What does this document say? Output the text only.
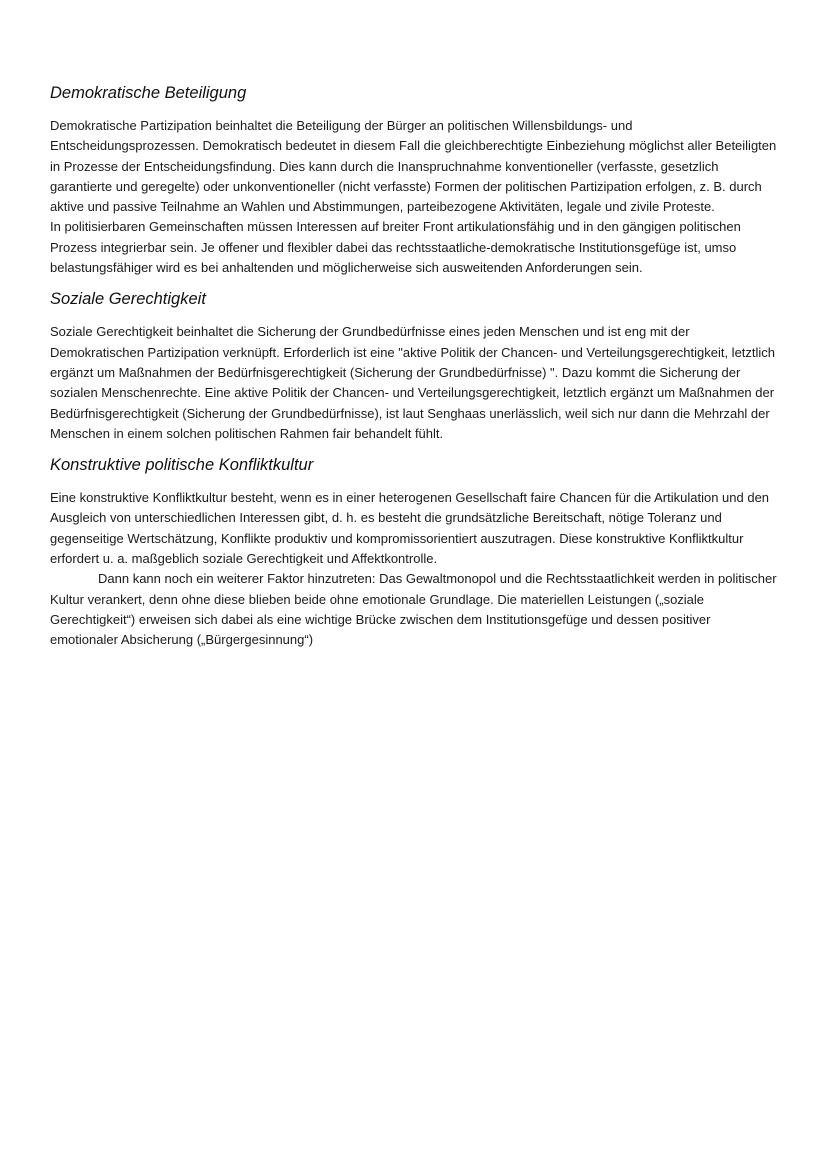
Demokratische Beteiligung

Demokratische Partizipation beinhaltet die Beteiligung der Bürger an politischen Willensbildungs- und Entscheidungsprozessen. Demokratisch bedeutet in diesem Fall die gleichberechtigte Einbeziehung möglichst aller Beteiligten in Prozesse der Entscheidungsfindung. Dies kann durch die Inanspruchnahme konventioneller (verfasste, gesetzlich garantierte und geregelte) oder unkonventioneller (nicht verfasste) Formen der politischen Partizipation erfolgen, z. B. durch aktive und passive Teilnahme an Wahlen und Abstimmungen, parteibezogene Aktivitäten, legale und zivile Proteste.

In politisierbaren Gemeinschaften müssen Interessen auf breiter Front artikulationsfähig und in den gängigen politischen Prozess integrierbar sein. Je offener und flexibler dabei das rechtsstaatliche-demokratische Institutionsgefüge ist, umso belastungsfähiger wird es bei anhaltenden und möglicherweise sich ausweitenden Anforderungen sein.

Soziale Gerechtigkeit

Soziale Gerechtigkeit beinhaltet die Sicherung der Grundbedürfnisse eines jeden Menschen und ist eng mit der Demokratischen Partizipation verknüpft. Erforderlich ist eine "aktive Politik der Chancen- und Verteilungsgerechtigkeit, letztlich ergänzt um Maßnahmen der Bedürfnisgerechtigkeit (Sicherung der Grundbedürfnisse) ". Dazu kommt die Sicherung der sozialen Menschenrechte. Eine aktive Politik der Chancen- und Verteilungsgerechtigkeit, letztlich ergänzt um Maßnahmen der Bedürfnisgerechtigkeit (Sicherung der Grundbedürfnisse), ist laut Senghaas unerlässlich, weil sich nur dann die Mehrzahl der Menschen in einem solchen politischen Rahmen fair behandelt fühlt.

Konstruktive politische Konfliktkultur

Eine konstruktive Konfliktkultur besteht, wenn es in einer heterogenen Gesellschaft faire Chancen für die Artikulation und den Ausgleich von unterschiedlichen Interessen gibt, d. h. es besteht die grundsätzliche Bereitschaft, nötige Toleranz und gegenseitige Wertschätzung, Konflikte produktiv und kompromissorientiert auszutragen. Diese konstruktive Konfliktkultur erfordert u. a. maßgeblich soziale Gerechtigkeit und Affektkontrolle.

Dann kann noch ein weiterer Faktor hinzutreten: Das Gewaltmonopol und die Rechtsstaatlichkeit werden in politischer Kultur verankert, denn ohne diese blieben beide ohne emotionale Grundlage. Die materiellen Leistungen („soziale Gerechtigkeit“) erweisen sich dabei als eine wichtige Brücke zwischen dem Institutionsgefüge und dessen positiver emotionaler Absicherung („Bürgergesinnung“)
